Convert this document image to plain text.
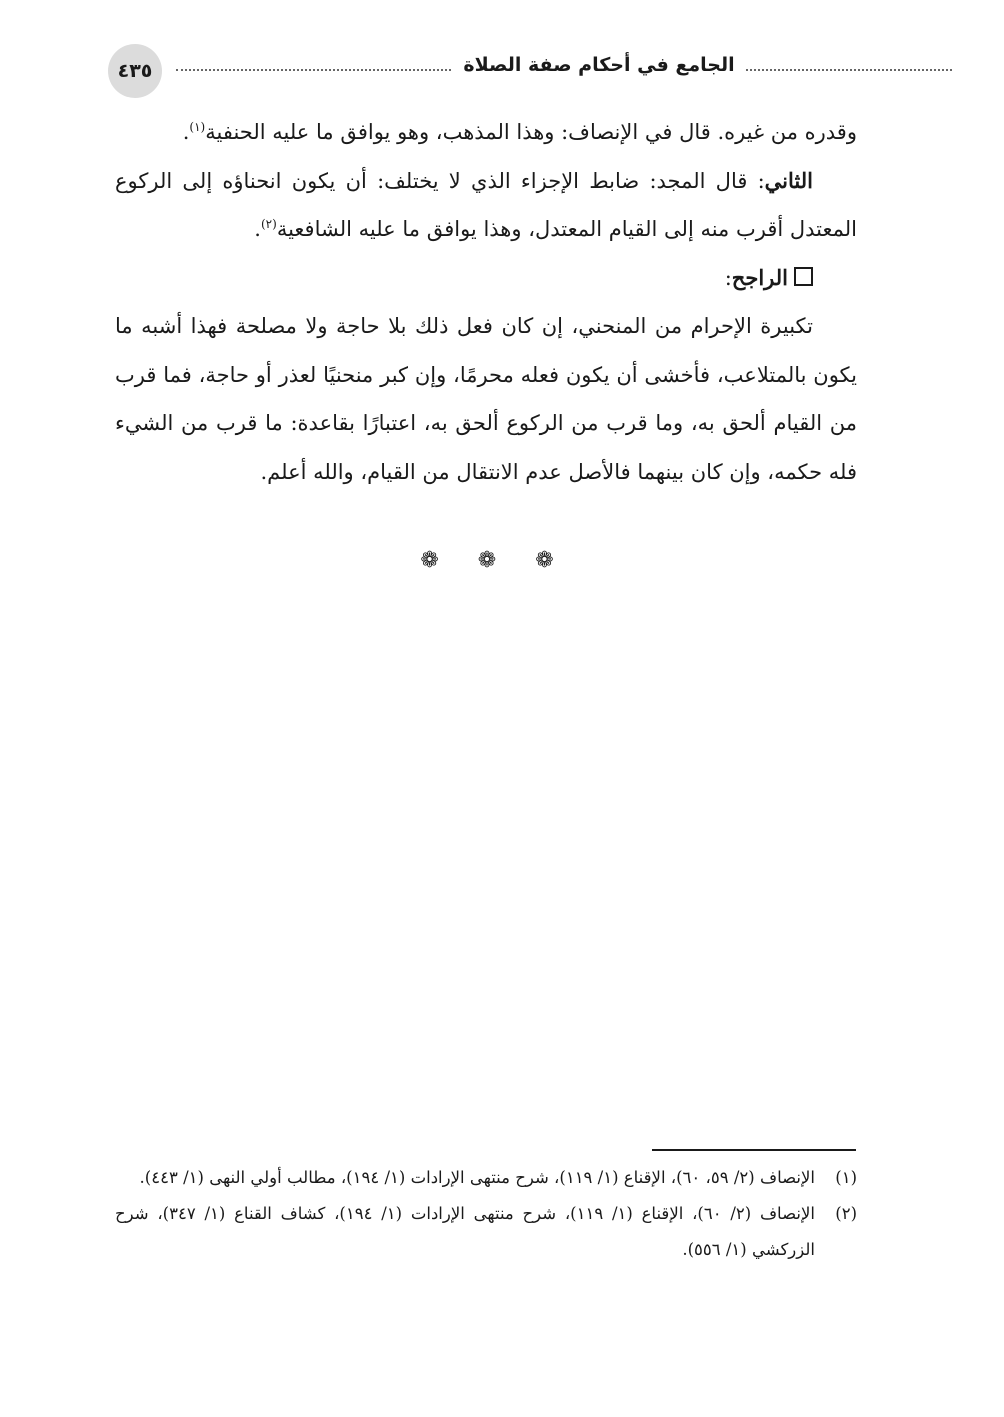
٤٣٥	الجامع في أحكام صفة الصلاة

وقدره من غيره. قال في الإنصاف: وهذا المذهب، وهو يوافق ما عليه الحنفية$^{(١)}$.

الثاني: قال المجد: ضابط الإجزاء الذي لا يختلف: أن يكون انحناؤه إلى الركوع المعتدل أقرب منه إلى القيام المعتدل، وهذا يوافق ما عليه الشافعية$^{(٢)}$.

الراجح:

تكبيرة الإحرام من المنحني، إن كان فعل ذلك بلا حاجة ولا مصلحة فهذا أشبه ما يكون بالمتلاعب، فأخشى أن يكون فعله محرمًا، وإن كبر منحنيًا لعذر أو حاجة، فما قرب من القيام ألحق به، وما قرب من الركوع ألحق به، اعتبارًا بقاعدة: ما قرب من الشيء فله حكمه، وإن كان بينهما فالأصل عدم الانتقال من القيام، والله أعلم.

❁ ❁ ❁
(١)
الإنصاف (٢/ ٥٩، ٦٠)، الإقناع (١/ ١١٩)، شرح منتهى الإرادات (١/ ١٩٤)، مطالب أولي النهى (١/ ٤٤٣).
(٢)
الإنصاف (٢/ ٦٠)، الإقناع (١/ ١١٩)، شرح منتهى الإرادات (١/ ١٩٤)، كشاف القناع (١/ ٣٤٧)، شرح الزركشي (١/ ٥٥٦).
